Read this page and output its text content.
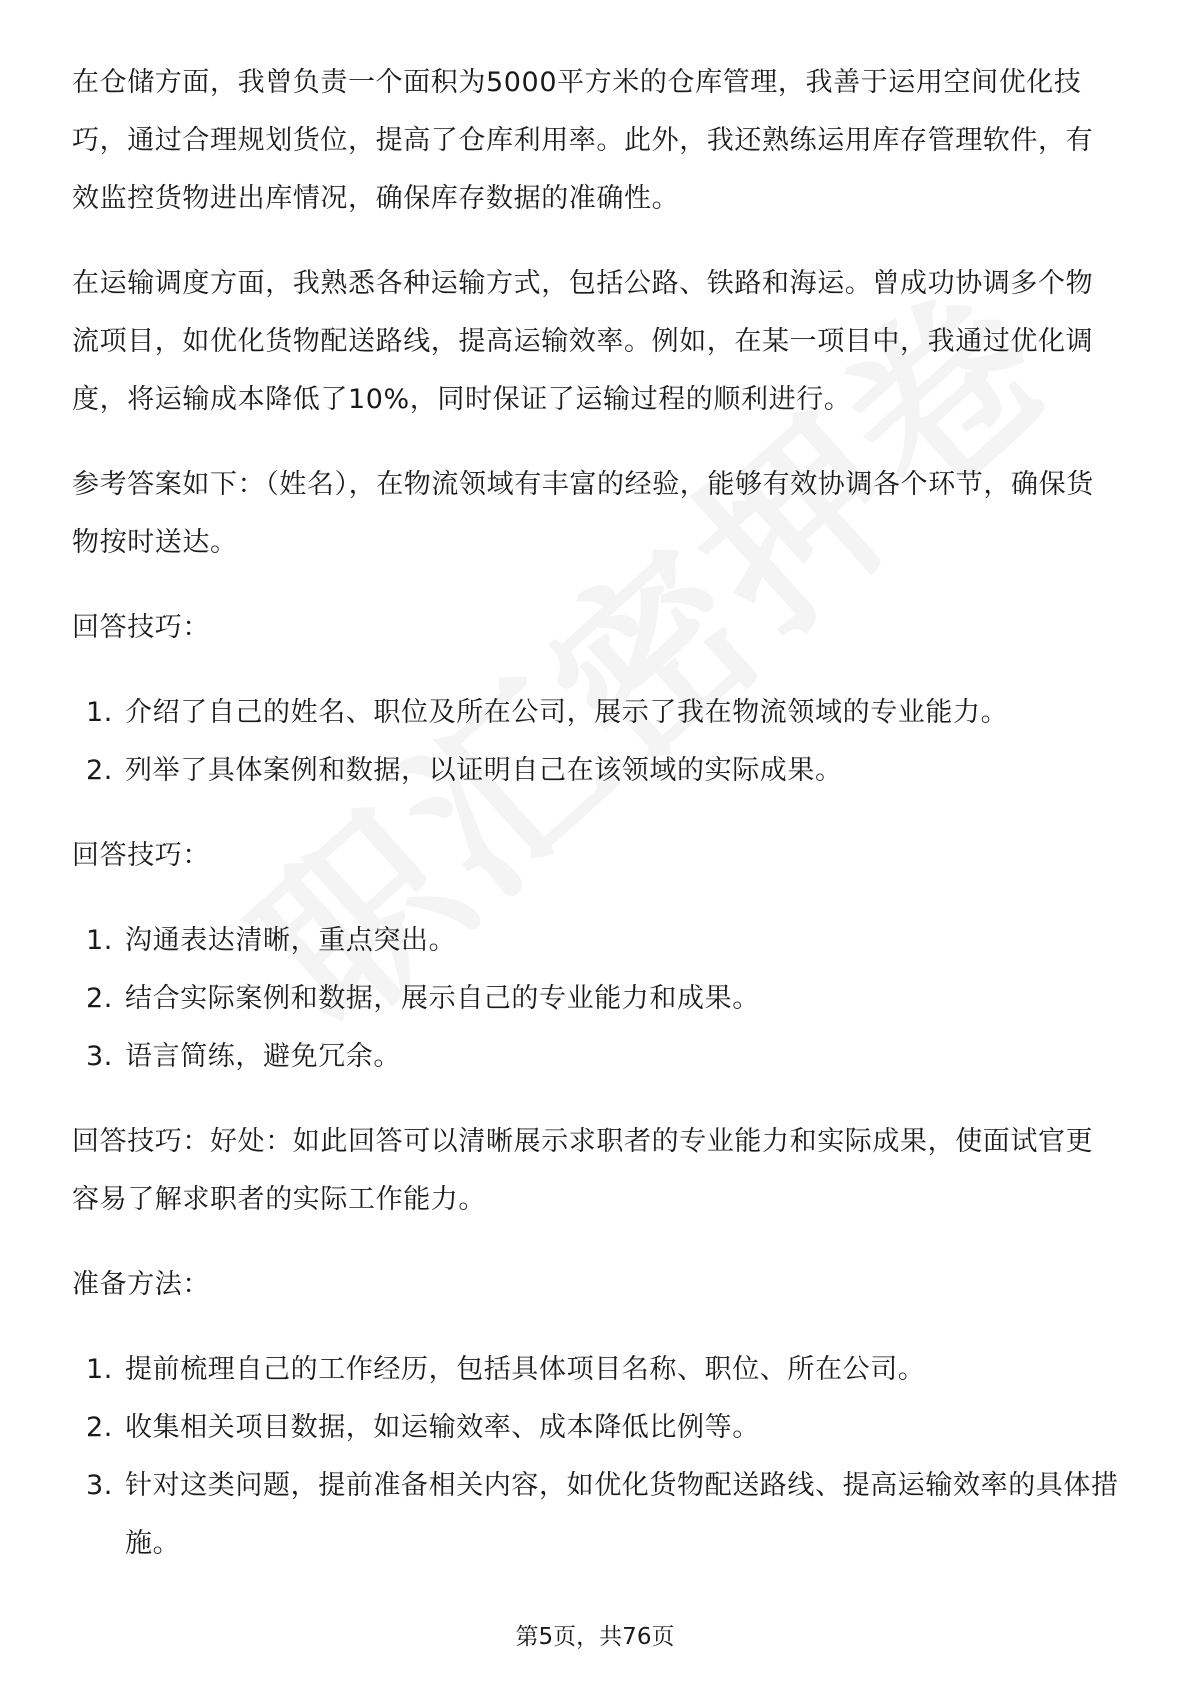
在仓储方面，我曾负责一个面积为5000平方米的仓库管理，我善于运用空间优化技巧，通过合理规划货位，提高了仓库利用率。此外，我还熟练运用库存管理软件，有效监控货物进出库情况，确保库存数据的准确性。

在运输调度方面，我熟悉各种运输方式，包括公路、铁路和海运。曾成功协调多个物流项目，如优化货物配送路线，提高运输效率。例如，在某一项目中，我通过优化调度，将运输成本降低了10%，同时保证了运输过程的顺利进行。

参考答案如下：（姓名），在物流领域有丰富的经验，能够有效协调各个环节，确保货物按时送达。

回答技巧：

1. 介绍了自己的姓名、职位及所在公司，展示了我在物流领域的专业能力。
2. 列举了具体案例和数据，以证明自己在该领域的实际成果。

回答技巧：

1. 沟通表达清晰，重点突出。
2. 结合实际案例和数据，展示自己的专业能力和成果。
3. 语言简练，避免冗余。

回答技巧：好处：如此回答可以清晰展示求职者的专业能力和实际成果，使面试官更容易了解求职者的实际工作能力。

准备方法：

1. 提前梳理自己的工作经历，包括具体项目名称、职位、所在公司。
2. 收集相关项目数据，如运输效率、成本降低比例等。
3. 针对这类问题，提前准备相关内容，如优化货物配送路线、提高运输效率的具体措施。
第5页，共76页
